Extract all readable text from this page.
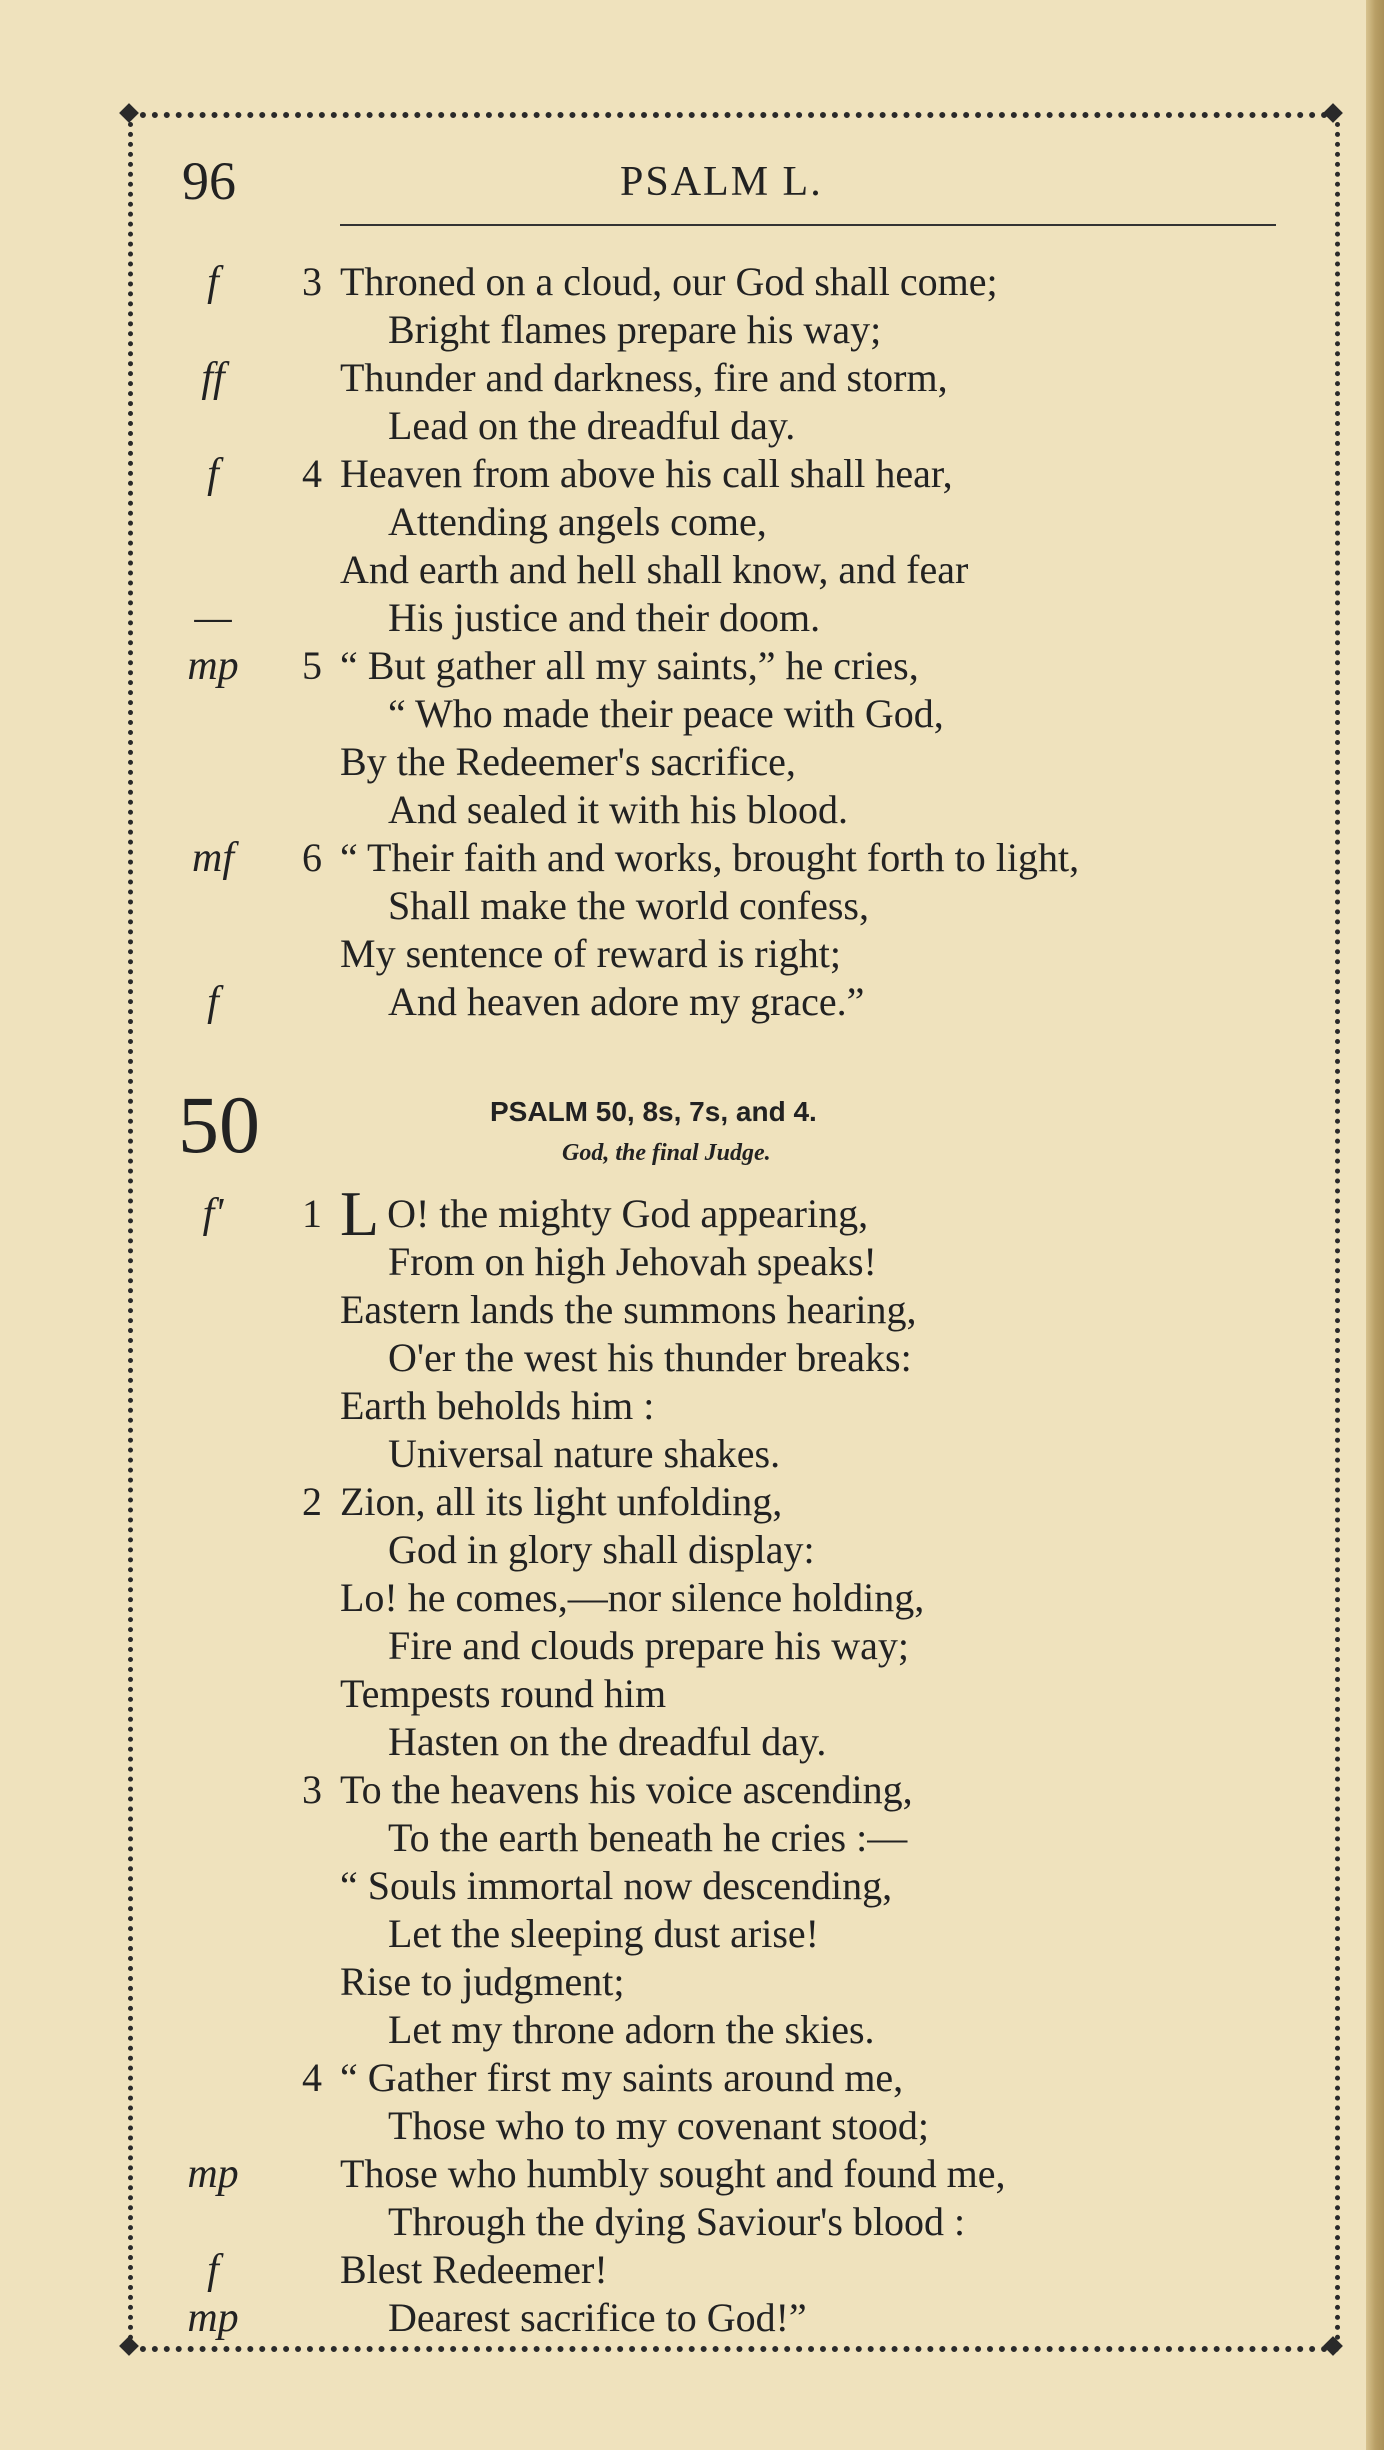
96	PSALM L.
f	3 Throned on a cloud, our God shall come;
Bright flames prepare his way;
ff	Thunder and darkness, fire and storm,
Lead on the dreadful day.
f	4 Heaven from above his call shall hear,
Attending angels come,
And earth and hell shall know, and fear
—	His justice and their doom.
mp	5 “ But gather all my saints,” he cries,
“ Who made their peace with God,
By the Redeemer's sacrifice,
And sealed it with his blood.
mf	6 “ Their faith and works, brought forth to light,
Shall make the world confess,
My sentence of reward is right;
f	And heaven adore my grace.”
50	PSALM 50, 8s, 7s, and 4.
God, the final Judge.
f'	1 L O! the mighty God appearing,
From on high Jehovah speaks!
Eastern lands the summons hearing,
O'er the west his thunder breaks:
Earth beholds him :
Universal nature shakes.
2 Zion, all its light unfolding,
God in glory shall display:
Lo! he comes,—nor silence holding,
Fire and clouds prepare his way;
Tempests round him
Hasten on the dreadful day.
3 To the heavens his voice ascending,
To the earth beneath he cries :—
“ Souls immortal now descending,
Let the sleeping dust arise!
Rise to judgment;
Let my throne adorn the skies.
4 “ Gather first my saints around me,
Those who to my covenant stood;
mp	Those who humbly sought and found me,
Through the dying Saviour's blood :
f	Blest Redeemer!
mp	Dearest sacrifice to God!”
